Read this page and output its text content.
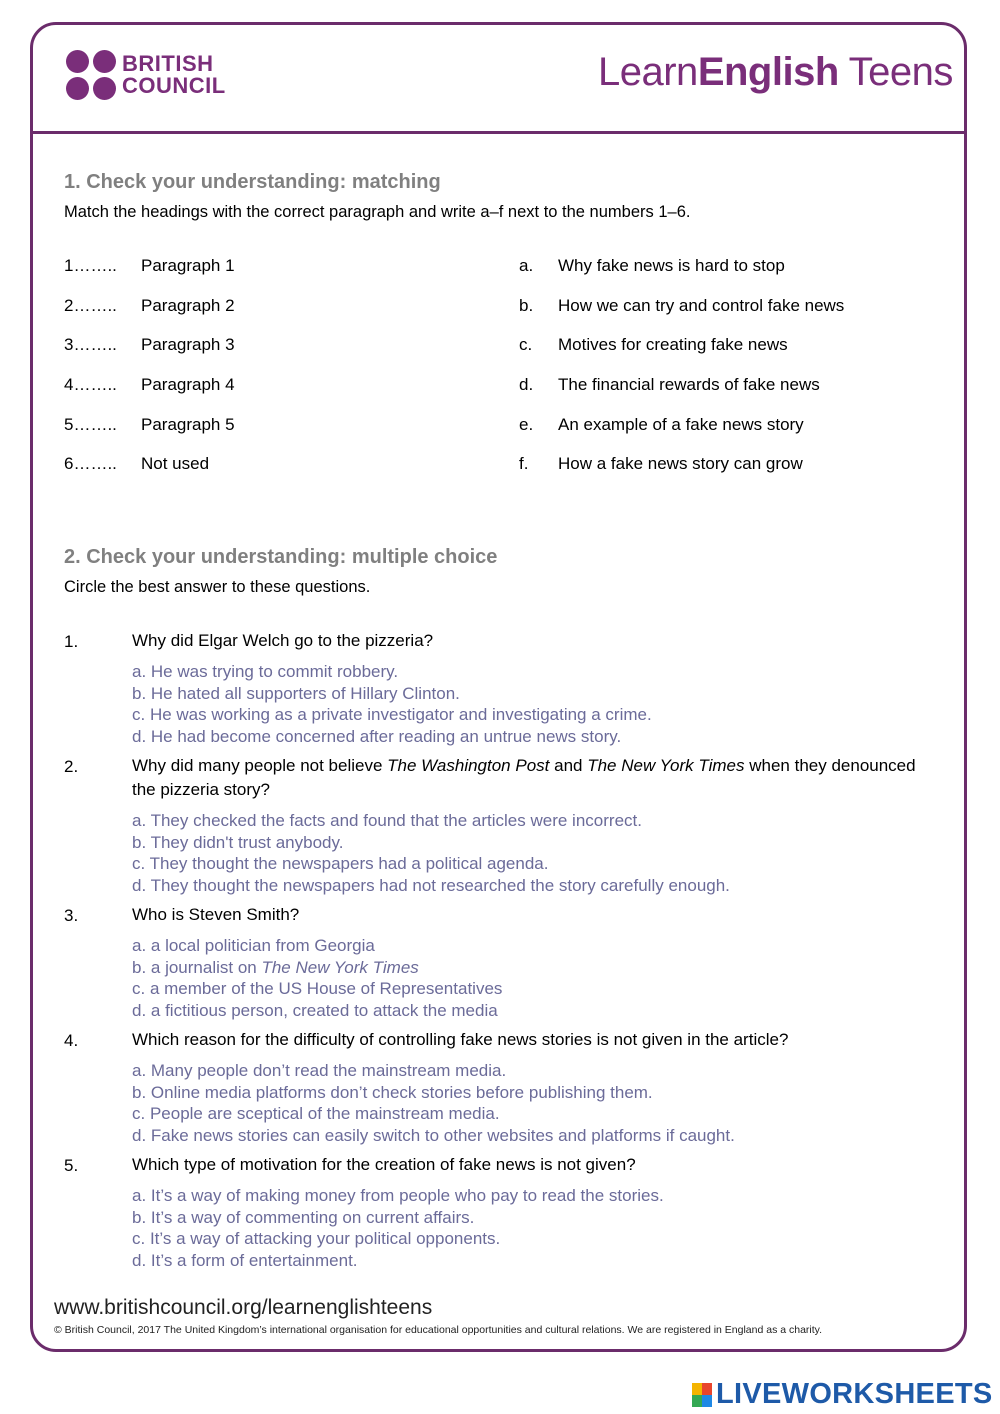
BRITISH
COUNCIL	LearnEnglish Teens
1. Check your understanding: matching
Match the headings with the correct paragraph and write a–f next to the numbers 1–6.
1…….. Paragraph 1	a. Why fake news is hard to stop
2…….. Paragraph 2	b. How we can try and control fake news
3…….. Paragraph 3	c. Motives for creating fake news
4…….. Paragraph 4	d. The financial rewards of fake news
5…….. Paragraph 5	e. An example of a fake news story
6…….. Not used	f. How a fake news story can grow
2. Check your understanding: multiple choice
Circle the best answer to these questions.
1.	Why did Elgar Welch go to the pizzeria?
a. He was trying to commit robbery.
b. He hated all supporters of Hillary Clinton.
c. He was working as a private investigator and investigating a crime.
d. He had become concerned after reading an untrue news story.
2.	Why did many people not believe The Washington Post and The New York Times when they denounced the pizzeria story?
a. They checked the facts and found that the articles were incorrect.
b. They didn't trust anybody.
c. They thought the newspapers had a political agenda.
d. They thought the newspapers had not researched the story carefully enough.
3.	Who is Steven Smith?
a. a local politician from Georgia
b. a journalist on The New York Times
c. a member of the US House of Representatives
d. a fictitious person, created to attack the media
4.	Which reason for the difficulty of controlling fake news stories is not given in the article?
a. Many people don’t read the mainstream media.
b. Online media platforms don’t check stories before publishing them.
c. People are sceptical of the mainstream media.
d. Fake news stories can easily switch to other websites and platforms if caught.
5.	Which type of motivation for the creation of fake news is not given?
a. It’s a way of making money from people who pay to read the stories.
b. It’s a way of commenting on current affairs.
c. It’s a way of attacking your political opponents.
d. It’s a form of entertainment.
www.britishcouncil.org/learnenglishteens
© British Council, 2017 The United Kingdom’s international organisation for educational opportunities and cultural relations. We are registered in England as a charity.
LIVEWORKSHEETS
